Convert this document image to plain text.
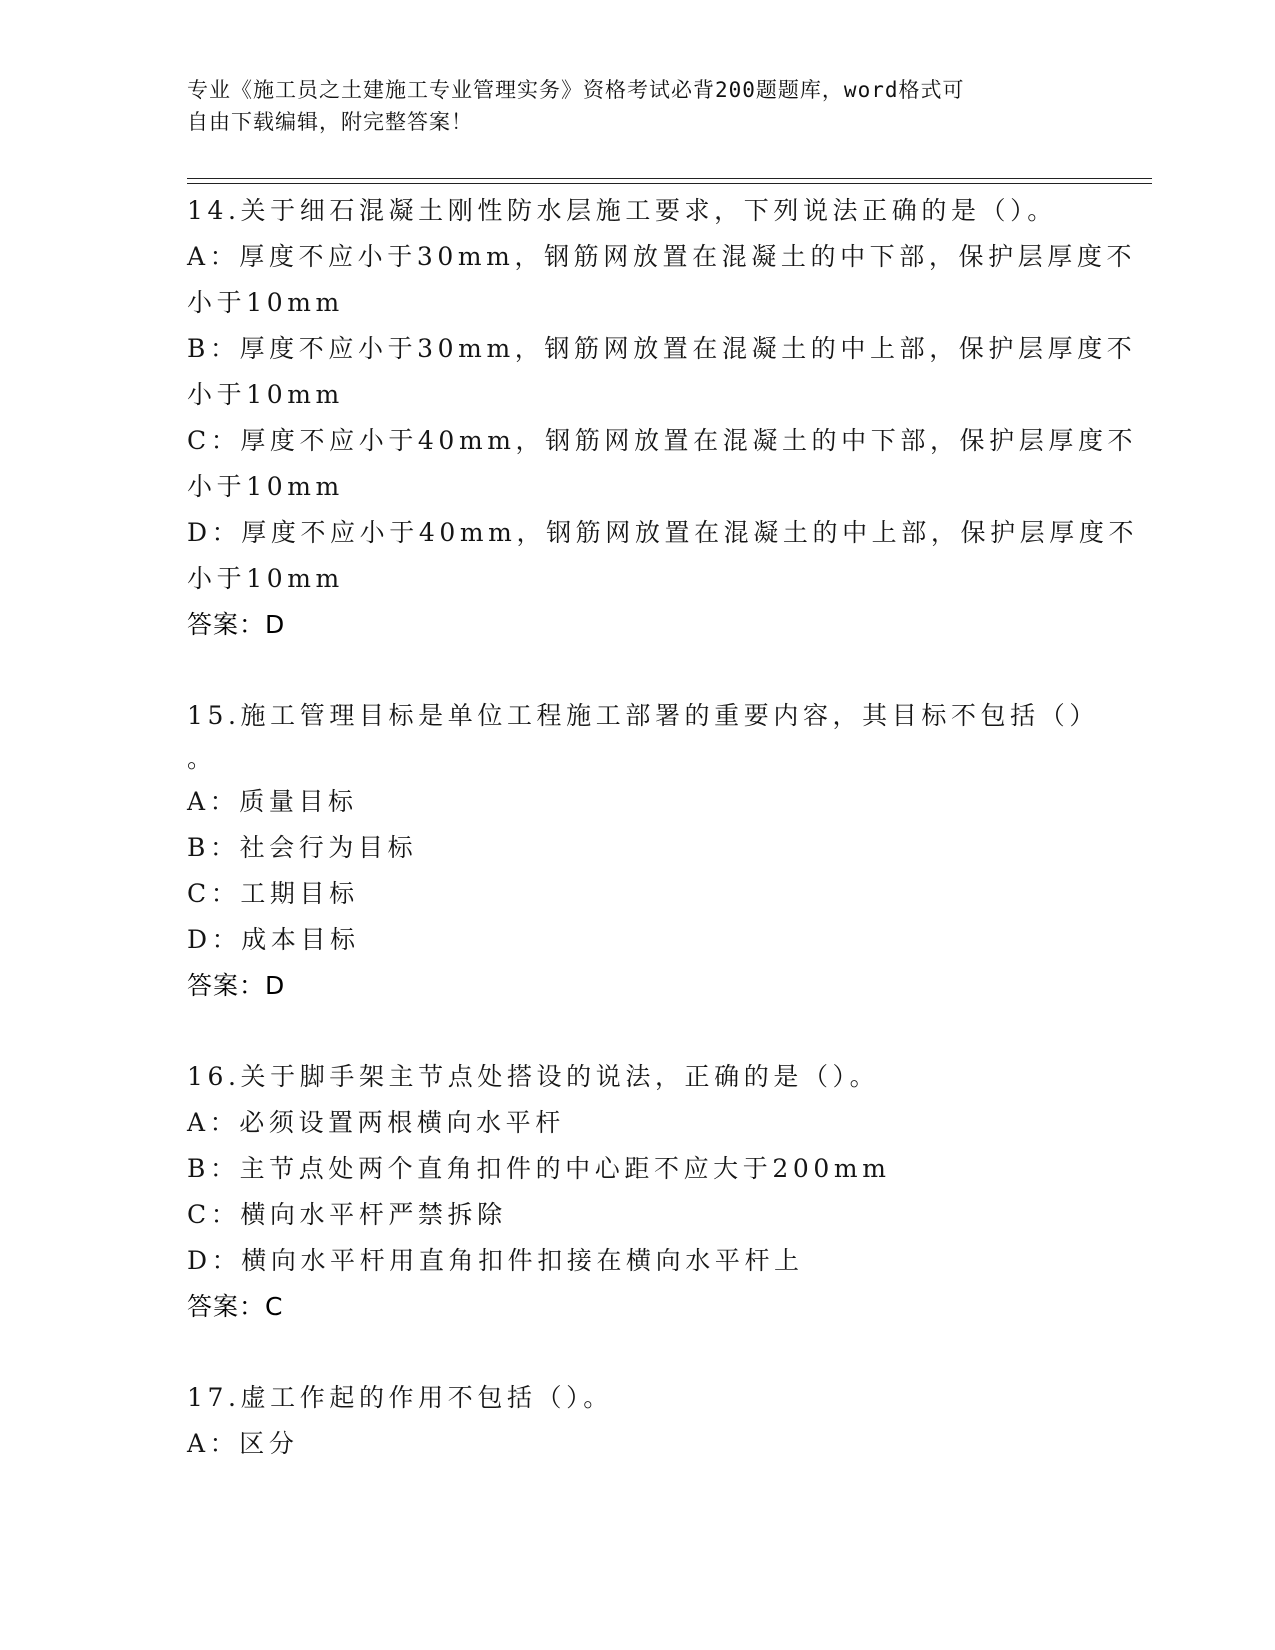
专业《施工员之土建施工专业管理实务》资格考试必背200题题库，word格式可
自由下载编辑，附完整答案！
14.关于细石混凝土刚性防水层施工要求，下列说法正确的是（）。
A：厚度不应小于30mm，钢筋网放置在混凝土的中下部，保护层厚度不
小于10mm
B：厚度不应小于30mm，钢筋网放置在混凝土的中上部，保护层厚度不
小于10mm
C：厚度不应小于40mm，钢筋网放置在混凝土的中下部，保护层厚度不
小于10mm
D：厚度不应小于40mm，钢筋网放置在混凝土的中上部，保护层厚度不
小于10mm
答案：D
15.施工管理目标是单位工程施工部署的重要内容，其目标不包括（）
。
A：质量目标
B：社会行为目标
C：工期目标
D：成本目标
答案：D
16.关于脚手架主节点处搭设的说法，正确的是（）。
A：必须设置两根横向水平杆
B：主节点处两个直角扣件的中心距不应大于200mm
C：横向水平杆严禁拆除
D：横向水平杆用直角扣件扣接在横向水平杆上
答案：C
17.虚工作起的作用不包括（）。
A：区分
